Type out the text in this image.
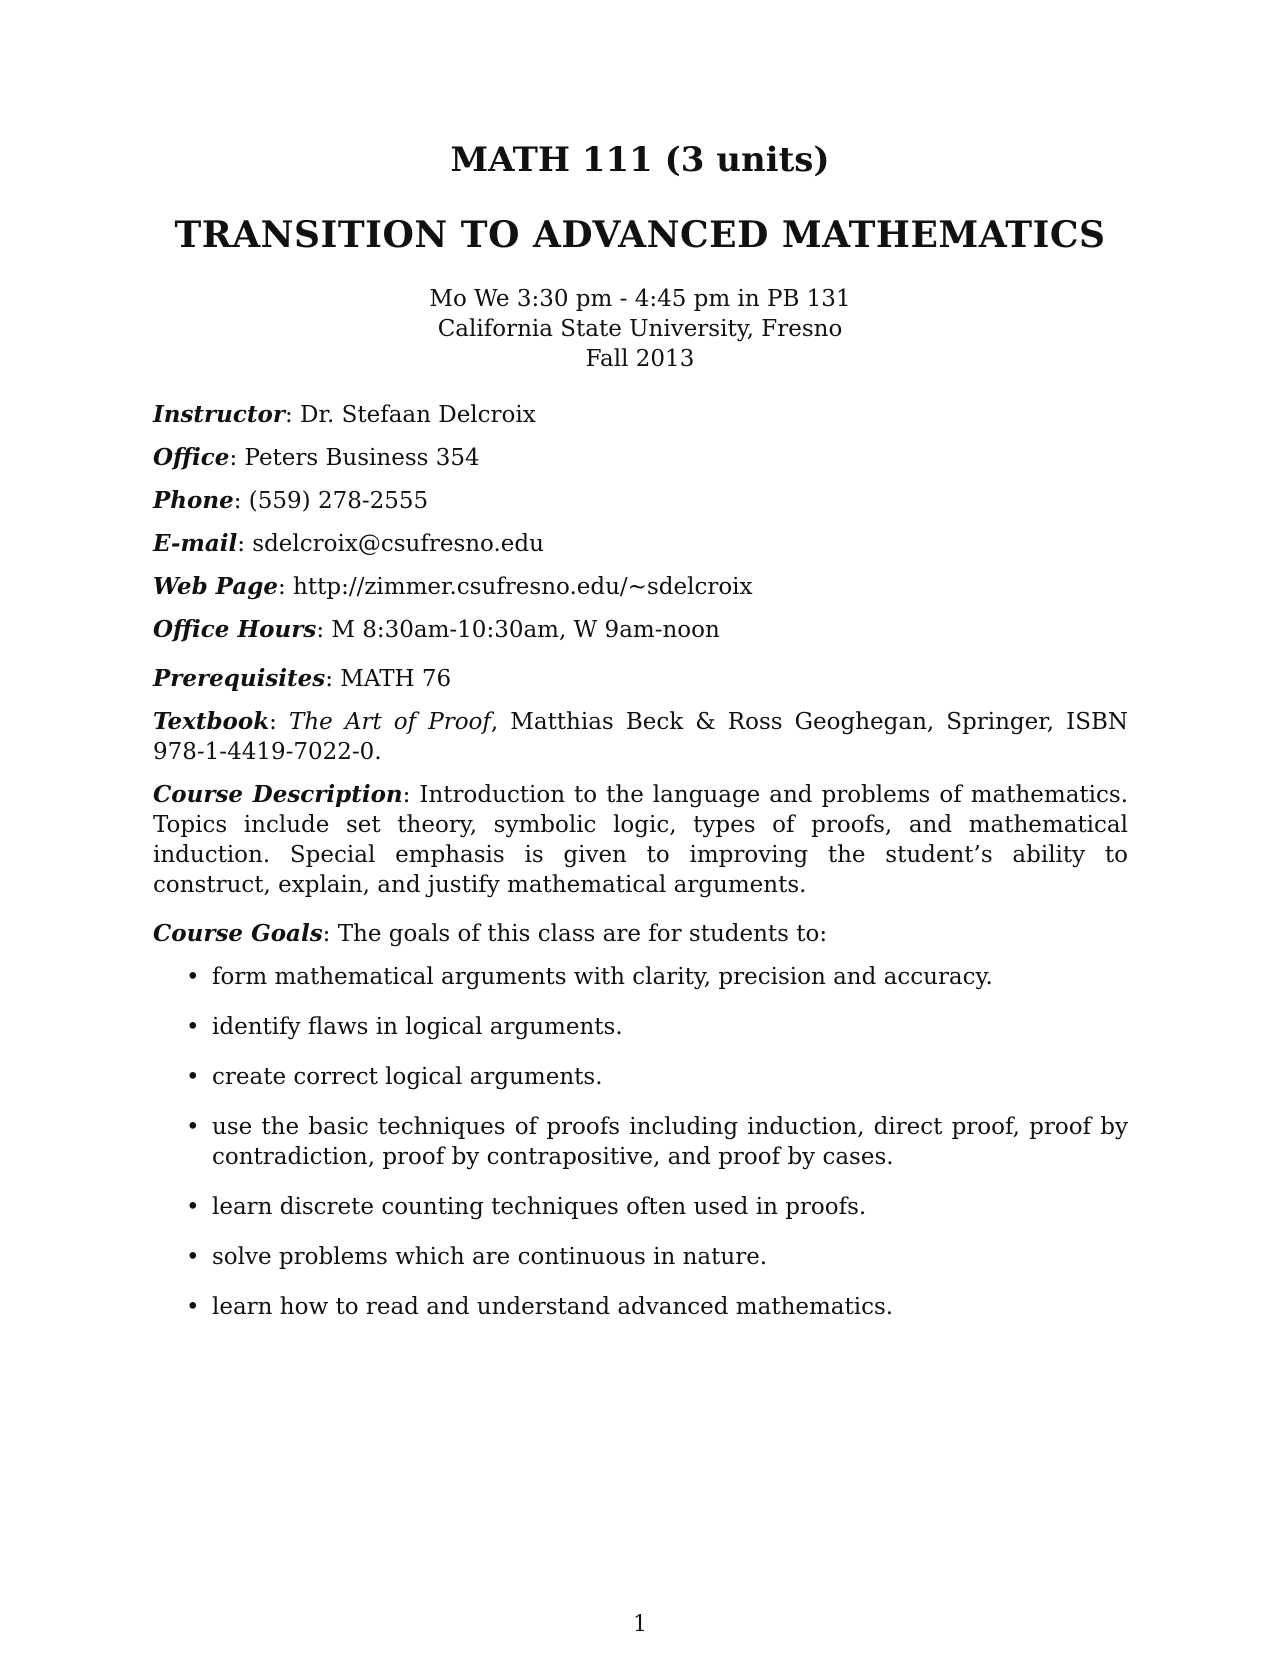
MATH 111 (3 units)
TRANSITION TO ADVANCED MATHEMATICS
Mo We 3:30 pm - 4:45 pm in PB 131
California State University, Fresno
Fall 2013
Instructor: Dr. Stefaan Delcroix
Office: Peters Business 354
Phone: (559) 278-2555
E-mail: sdelcroix@csufresno.edu
Web Page: http://zimmer.csufresno.edu/∼sdelcroix
Office Hours: M 8:30am-10:30am, W 9am-noon
Prerequisites: MATH 76
Textbook: The Art of Proof, Matthias Beck & Ross Geoghegan, Springer, ISBN 978-1-4419-7022-0.
Course Description: Introduction to the language and problems of mathematics. Topics include set theory, symbolic logic, types of proofs, and mathematical induction. Special emphasis is given to improving the student’s ability to construct, explain, and justify mathematical arguments.
Course Goals: The goals of this class are for students to:
• form mathematical arguments with clarity, precision and accuracy.
• identify flaws in logical arguments.
• create correct logical arguments.
• use the basic techniques of proofs including induction, direct proof, proof by contradiction, proof by contrapositive, and proof by cases.
• learn discrete counting techniques often used in proofs.
• solve problems which are continuous in nature.
• learn how to read and understand advanced mathematics.
1
